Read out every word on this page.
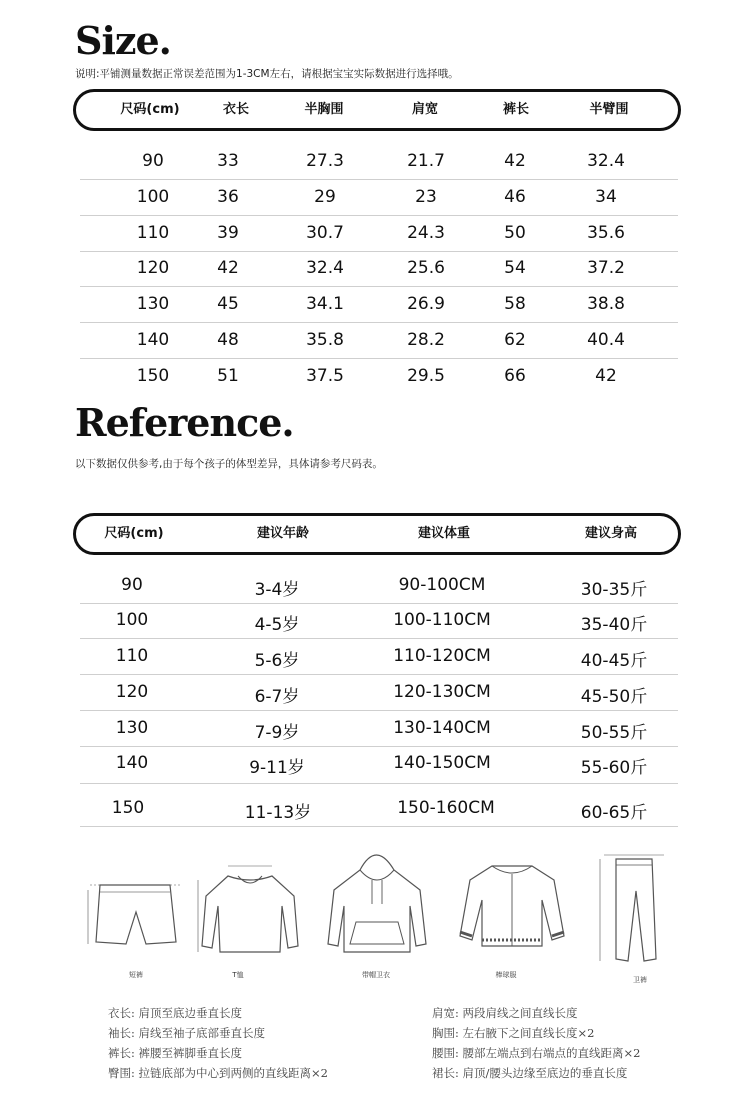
Size.
说明:平铺测量数据正常误差范围为1-3CM左右，请根据宝宝实际数据进行选择哦。
尺码(cm)	衣长	半胸围	肩宽	裤长	半臂围
90	33	27.3	21.7	42	32.4
100	36	29	23	46	34
110	39	30.7	24.3	50	35.6
120	42	32.4	25.6	54	37.2
130	45	34.1	26.9	58	38.8
140	48	35.8	28.2	62	40.4
150	51	37.5	29.5	66	42
Reference.
以下数据仅供参考,由于每个孩子的体型差异，具体请参考尺码表。
尺码(cm)	建议年龄	建议体重	建议身高
90	3-4岁	90-100CM	30-35斤
100	4-5岁	100-110CM	35-40斤
110	5-6岁	110-120CM	40-45斤
120	6-7岁	120-130CM	45-50斤
130	7-9岁	130-140CM	50-55斤
140	9-11岁	140-150CM	55-60斤
150	11-13岁	150-160CM	60-65斤
短裤	T恤	带帽卫衣	棒球服
卫裤
衣长: 肩顶至底边垂直长度
袖长: 肩线至袖子底部垂直长度
裤长: 裤腰至裤脚垂直长度
臀围: 拉链底部为中心到两侧的直线距离×2
肩宽: 两段肩线之间直线长度
胸围: 左右腋下之间直线长度×2
腰围: 腰部左端点到右端点的直线距离×2
裙长: 肩顶/腰头边缘至底边的垂直长度
